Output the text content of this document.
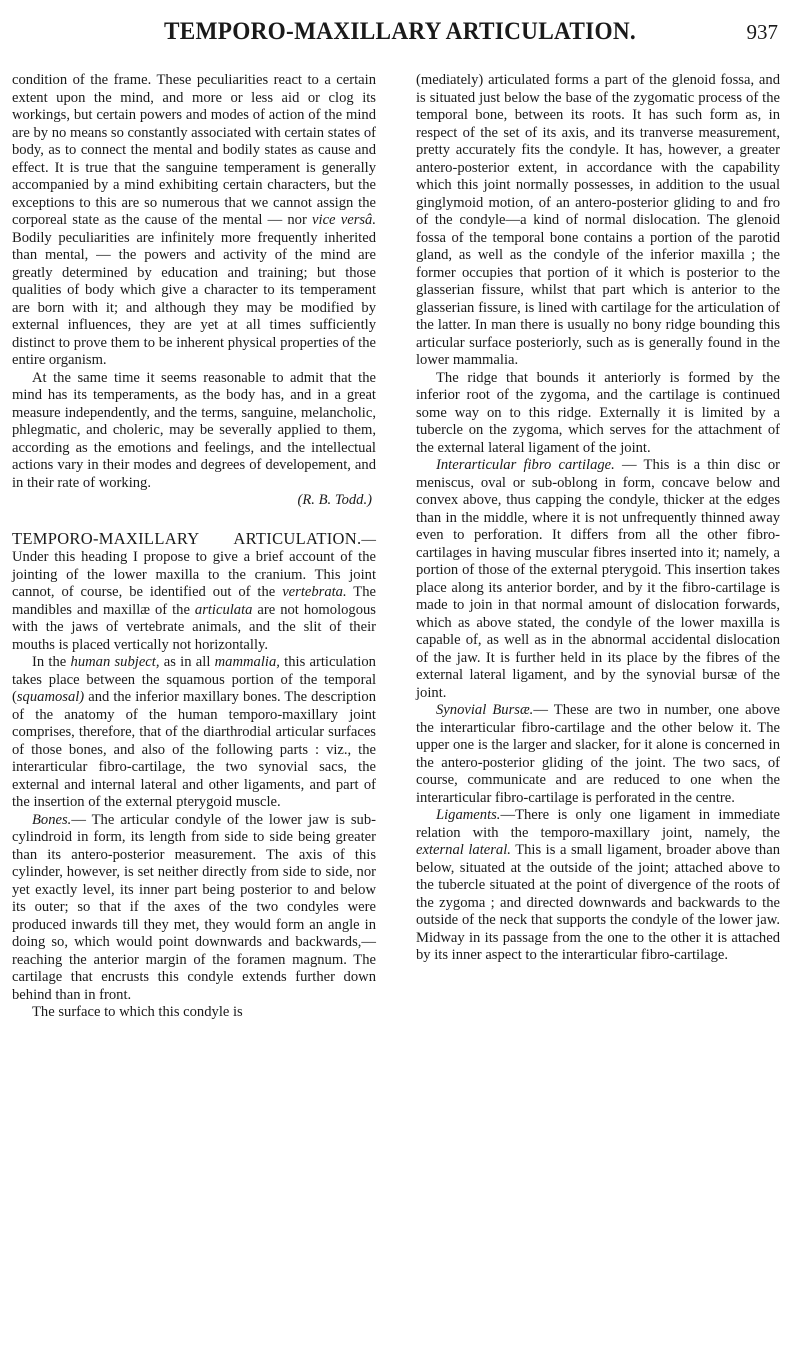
TEMPORO-MAXILLARY ARTICULATION.	937

condition of the frame. These peculiarities react to a certain extent upon the mind, and more or less aid or clog its workings, but certain powers and modes of action of the mind are by no means so constantly associated with certain states of body, as to connect the mental and bodily states as cause and effect. It is true that the sanguine temperament is generally accompanied by a mind exhibiting certain characters, but the exceptions to this are so numerous that we cannot assign the corporeal state as the cause of the mental — nor vice versâ. Bodily peculiarities are infinitely more frequently inherited than mental, — the powers and activity of the mind are greatly determined by education and training; but those qualities of body which give a character to its temperament are born with it; and although they may be modified by external influences, they are yet at all times sufficiently distinct to prove them to be inherent physical properties of the entire organism.

At the same time it seems reasonable to admit that the mind has its temperaments, as the body has, and in a great measure independently, and the terms, sanguine, melancholic, phlegmatic, and choleric, may be severally applied to them, according as the emotions and feelings, and the intellectual actions vary in their modes and degrees of developement, and in their rate of working.

(R. B. Todd.)

TEMPORO-MAXILLARY ARTICULATION.—Under this heading I propose to give a brief account of the jointing of the lower maxilla to the cranium. This joint cannot, of course, be identified out of the vertebrata. The mandibles and maxillæ of the articulata are not homologous with the jaws of vertebrate animals, and the slit of their mouths is placed vertically not horizontally.

In the human subject, as in all mammalia, this articulation takes place between the squamous portion of the temporal (squamosal) and the inferior maxillary bones. The description of the anatomy of the human temporo-maxillary joint comprises, therefore, that of the diarthrodial articular surfaces of those bones, and also of the following parts : viz., the interarticular fibro-cartilage, the two synovial sacs, the external and internal lateral and other ligaments, and part of the insertion of the external pterygoid muscle.

Bones.— The articular condyle of the lower jaw is sub-cylindroid in form, its length from side to side being greater than its antero-posterior measurement. The axis of this cylinder, however, is set neither directly from side to side, nor yet exactly level, its inner part being posterior to and below its outer; so that if the axes of the two condyles were produced inwards till they met, they would form an angle in doing so, which would point downwards and backwards,— reaching the anterior margin of the foramen magnum. The cartilage that encrusts this condyle extends further down behind than in front.

The surface to which this condyle is

(mediately) articulated forms a part of the glenoid fossa, and is situated just below the base of the zygomatic process of the temporal bone, between its roots. It has such form as, in respect of the set of its axis, and its tranverse measurement, pretty accurately fits the condyle. It has, however, a greater antero-posterior extent, in accordance with the capability which this joint normally possesses, in addition to the usual ginglymoid motion, of an antero-posterior gliding to and fro of the condyle—a kind of normal dislocation. The glenoid fossa of the temporal bone contains a portion of the parotid gland, as well as the condyle of the inferior maxilla ; the former occupies that portion of it which is posterior to the glasserian fissure, whilst that part which is anterior to the glasserian fissure, is lined with cartilage for the articulation of the latter. In man there is usually no bony ridge bounding this articular surface posteriorly, such as is generally found in the lower mammalia.

The ridge that bounds it anteriorly is formed by the inferior root of the zygoma, and the cartilage is continued some way on to this ridge. Externally it is limited by a tubercle on the zygoma, which serves for the attachment of the external lateral ligament of the joint.

Interarticular fibro cartilage. — This is a thin disc or meniscus, oval or sub-oblong in form, concave below and convex above, thus capping the condyle, thicker at the edges than in the middle, where it is not unfrequently thinned away even to perforation. It differs from all the other fibro-cartilages in having muscular fibres inserted into it; namely, a portion of those of the external pterygoid. This insertion takes place along its anterior border, and by it the fibro-cartilage is made to join in that normal amount of dislocation forwards, which as above stated, the condyle of the lower maxilla is capable of, as well as in the abnormal accidental dislocation of the jaw. It is further held in its place by the fibres of the external lateral ligament, and by the synovial bursæ of the joint.

Synovial Bursæ.— These are two in number, one above the interarticular fibro-cartilage and the other below it. The upper one is the larger and slacker, for it alone is concerned in the antero-posterior gliding of the joint. The two sacs, of course, communicate and are reduced to one when the interarticular fibro-cartilage is perforated in the centre.

Ligaments.—There is only one ligament in immediate relation with the temporo-maxillary joint, namely, the external lateral. This is a small ligament, broader above than below, situated at the outside of the joint; attached above to the tubercle situated at the point of divergence of the roots of the zygoma ; and directed downwards and backwards to the outside of the neck that supports the condyle of the lower jaw. Midway in its passage from the one to the other it is attached by its inner aspect to the interarticular fibro-cartilage.
